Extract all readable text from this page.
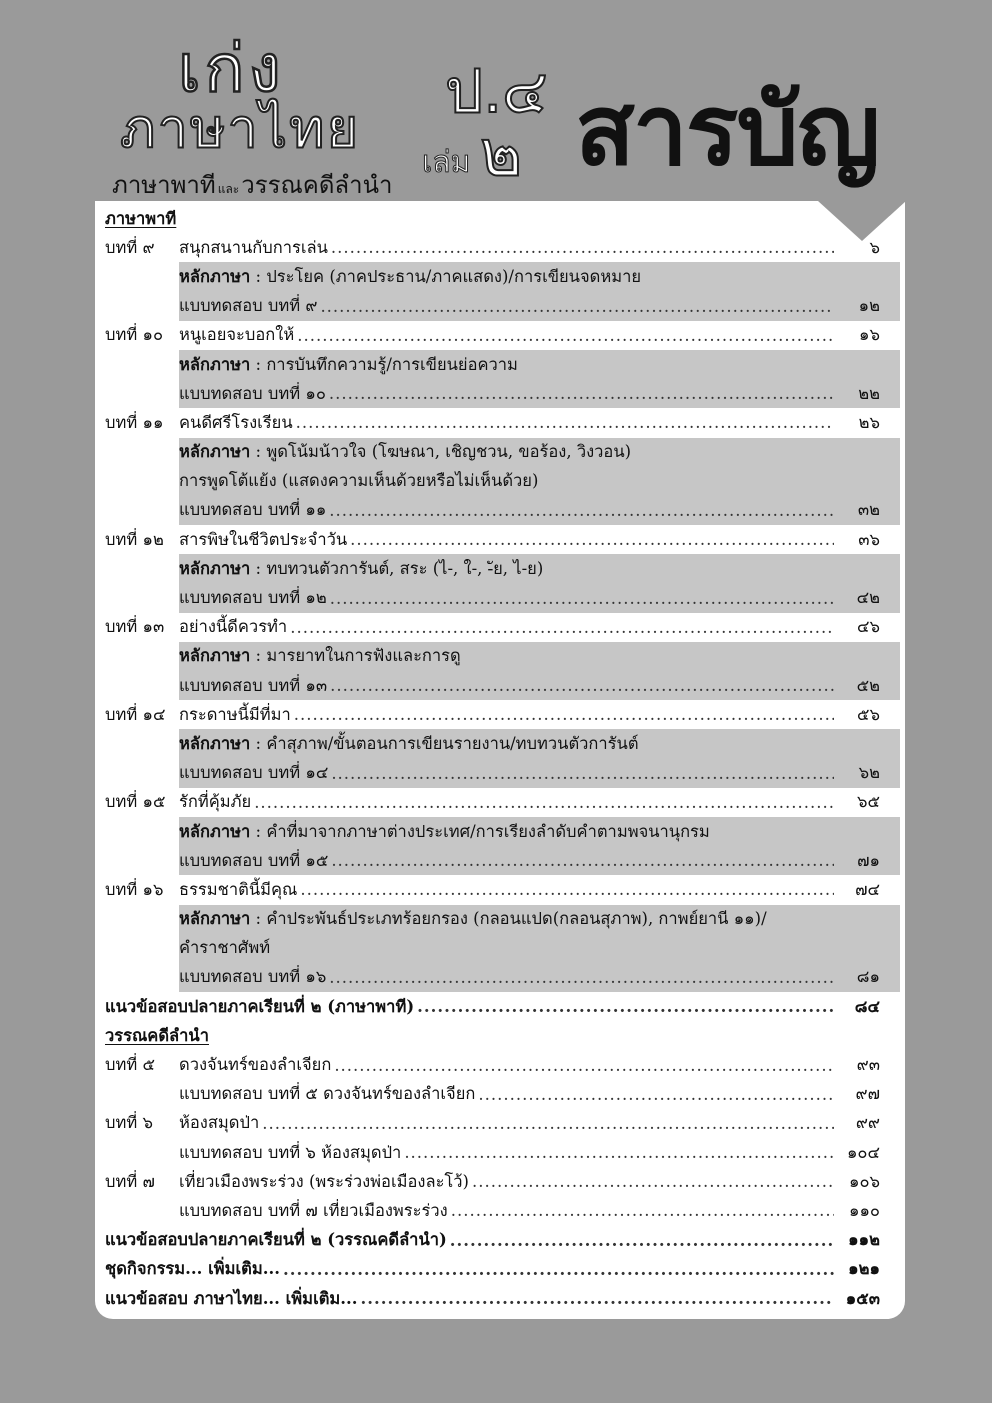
เก่ง
ภาษาไทย
ภาษาพาที และวรรณคดีลำนำ
ป.๔
เล่ม ๒ สารบัญ
ภาษาพาที
บทที่ ๙	สนุกสนานกับการเล่น .....	๖
หลักภาษา : ประโยค (ภาคประธาน/ภาคแสดง)/การเขียนจดหมาย
แบบทดสอบ บทที่ ๙ .....	๑๒
บทที่ ๑๐ หนูเอยจะบอกให้ .....	๑๖
หลักภาษา : การบันทึกความรู้/การเขียนย่อความ
แบบทดสอบ บทที่ ๑๐ .....	๒๒
บทที่ ๑๑ คนดีศรีโรงเรียน .....	๒๖
หลักภาษา : พูดโน้มน้าวใจ (โฆษณา, เชิญชวน, ขอร้อง, วิงวอน)
การพูดโต้แย้ง (แสดงความเห็นด้วยหรือไม่เห็นด้วย)
แบบทดสอบ บทที่ ๑๑ .....	๓๒
บทที่ ๑๒ สารพิษในชีวิตประจำวัน .....	๓๖
หลักภาษา : ทบทวนตัวการันต์, สระ (ไ-, ใ-, -ัย, ไ-ย)
แบบทดสอบ บทที่ ๑๒ .....	๔๒
บทที่ ๑๓ อย่างนี้ดีควรทำ .....	๔๖
หลักภาษา : มารยาทในการฟังและการดู
แบบทดสอบ บทที่ ๑๓ .....	๕๒
บทที่ ๑๔ กระดาษนี้มีที่มา .....	๕๖
หลักภาษา : คำสุภาพ/ขั้นตอนการเขียนรายงาน/ทบทวนตัวการันต์
แบบทดสอบ บทที่ ๑๔ .....	๖๒
บทที่ ๑๕ รักที่คุ้มภัย .....	๖๕
หลักภาษา : คำที่มาจากภาษาต่างประเทศ/การเรียงลำดับคำตามพจนานุกรม
แบบทดสอบ บทที่ ๑๕ .....	๗๑
บทที่ ๑๖ ธรรมชาตินี้มีคุณ .....	๗๔
หลักภาษา : คำประพันธ์ประเภทร้อยกรอง (กลอนแปด(กลอนสุภาพ), กาพย์ยานี ๑๑)/
คำราชาศัพท์
แบบทดสอบ บทที่ ๑๖ .....	๘๑
แนวข้อสอบปลายภาคเรียนที่ ๒ (ภาษาพาที) .....	๘๔
วรรณคดีลำนำ
บทที่ ๕	ดวงจันทร์ของลำเจียก .....	๙๓
แบบทดสอบ บทที่ ๕ ดวงจันทร์ของลำเจียก .....	๙๗
บทที่ ๖	ห้องสมุดป่า .....	๙๙
แบบทดสอบ บทที่ ๖ ห้องสมุดป่า .....	๑๐๔
บทที่ ๗	เที่ยวเมืองพระร่วง (พระร่วงพ่อเมืองละโว้) .....	๑๐๖
แบบทดสอบ บทที่ ๗ เที่ยวเมืองพระร่วง .....	๑๑๐
แนวข้อสอบปลายภาคเรียนที่ ๒ (วรรณคดีลำนำ) .....	๑๑๒
ชุดกิจกรรม... เพิ่มเติม... .....	๑๒๑
แนวข้อสอบ ภาษาไทย... เพิ่มเติม... .....	๑๕๓
